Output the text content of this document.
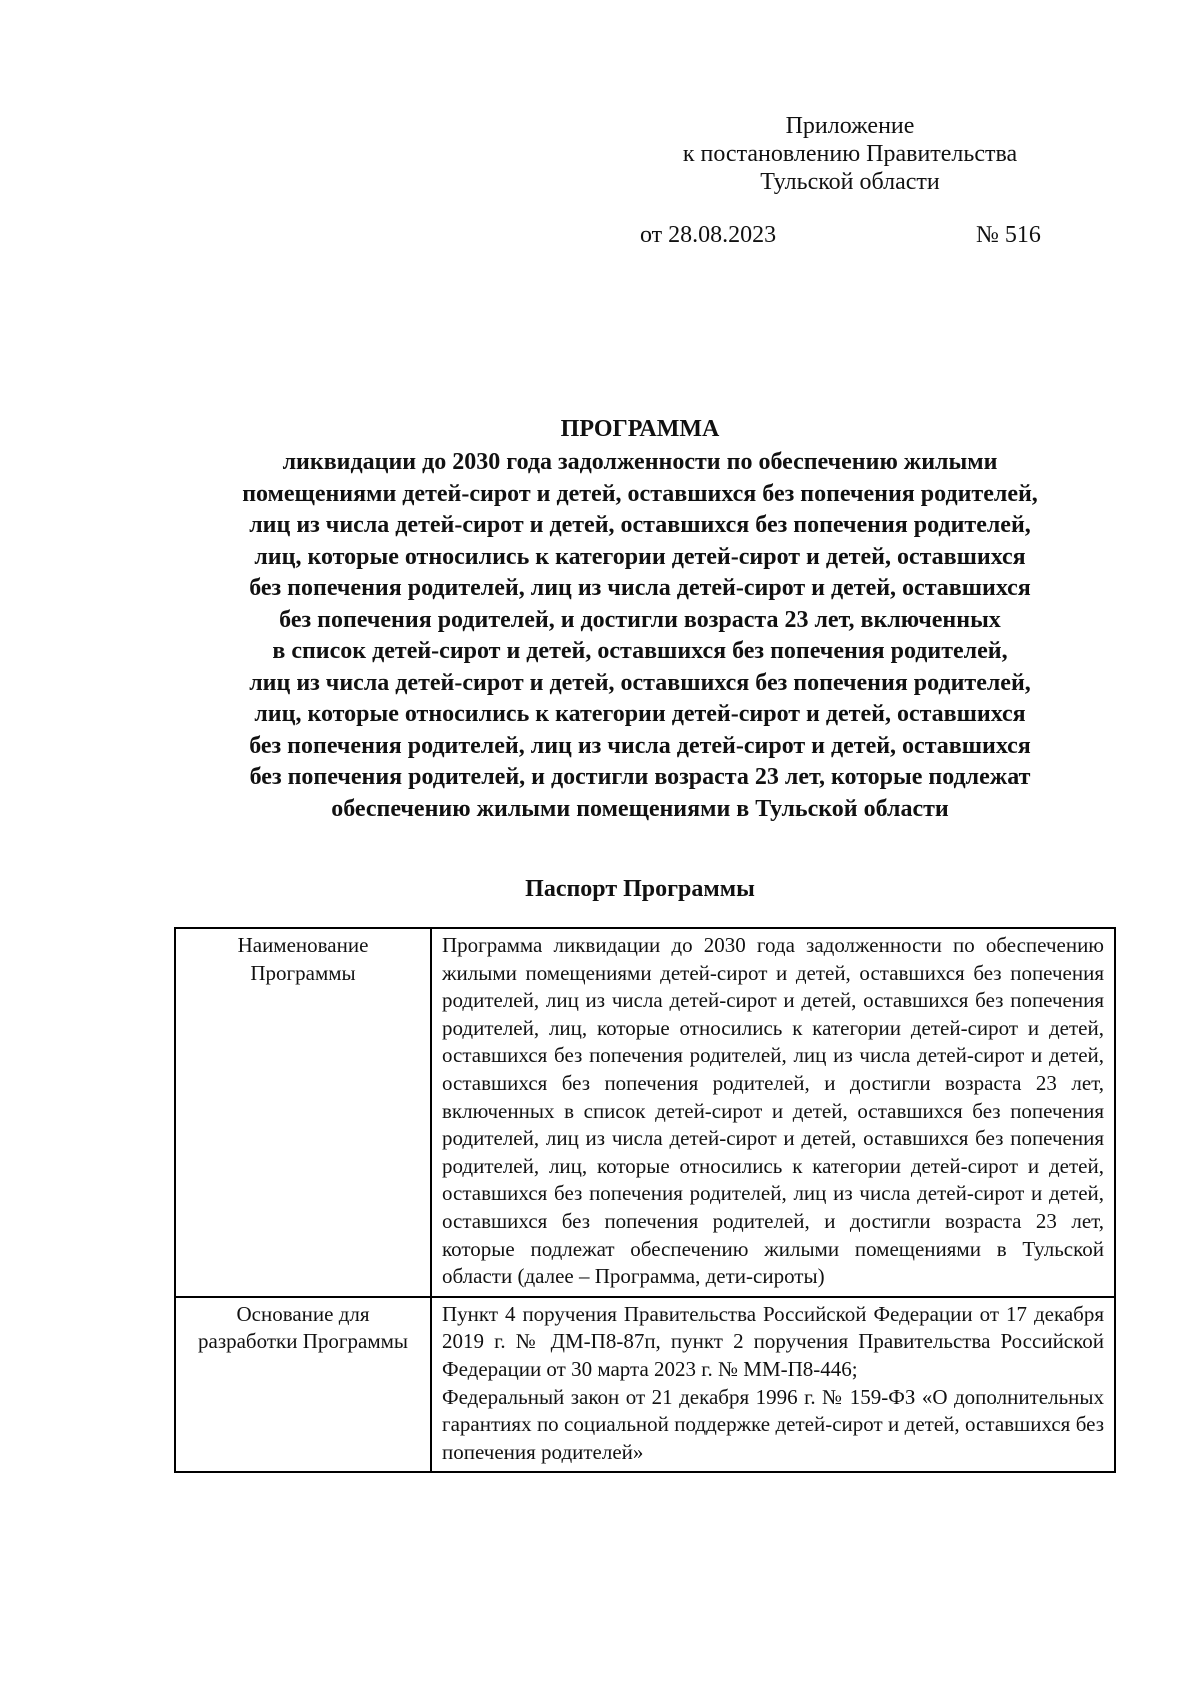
Приложение
к постановлению Правительства
Тульской области
от 28.08.2023	№ 516
ПРОГРАММА
ликвидации до 2030 года задолженности по обеспечению жилыми
помещениями детей-сирот и детей, оставшихся без попечения родителей,
лиц из числа детей-сирот и детей, оставшихся без попечения родителей,
лиц, которые относились к категории детей-сирот и детей, оставшихся
без попечения родителей, лиц из числа детей-сирот и детей, оставшихся
без попечения родителей, и достигли возраста 23 лет, включенных
в список детей-сирот и детей, оставшихся без попечения родителей,
лиц из числа детей-сирот и детей, оставшихся без попечения родителей,
лиц, которые относились к категории детей-сирот и детей, оставшихся
без попечения родителей, лиц из числа детей-сирот и детей, оставшихся
без попечения родителей, и достигли возраста 23 лет, которые подлежат
обеспечению жилыми помещениями в Тульской области
Паспорт Программы
Наименование Программы	Программа ликвидации до 2030 года задолженности по обеспечению жилыми помещениями детей-сирот и детей, оставшихся без попечения родителей, лиц из числа детей-сирот и детей, оставшихся без попечения родителей, лиц, которые относились к категории детей-сирот и детей, оставшихся без попечения родителей, лиц из числа детей-сирот и детей, оставшихся без попечения родителей, и достигли возраста 23 лет, включенных в список детей-сирот и детей, оставшихся без попечения родителей, лиц из числа детей-сирот и детей, оставшихся без попечения родителей, лиц, которые относились к категории детей-сирот и детей, оставшихся без попечения родителей, лиц из числа детей-сирот и детей, оставшихся без попечения родителей, и достигли возраста 23 лет, которые подлежат обеспечению жилыми помещениями в Тульской области (далее – Программа, дети-сироты)

Основание для разработки Программы	Пункт 4 поручения Правительства Российской Федерации от 17 декабря 2019 г. № ДМ-П8-87п, пункт 2 поручения Правительства Российской Федерации от 30 марта 2023 г. № ММ-П8-446;

Федеральный закон от 21 декабря 1996 г. № 159-ФЗ «О дополнительных гарантиях по социальной поддержке детей-сирот и детей, оставшихся без попечения родителей»
